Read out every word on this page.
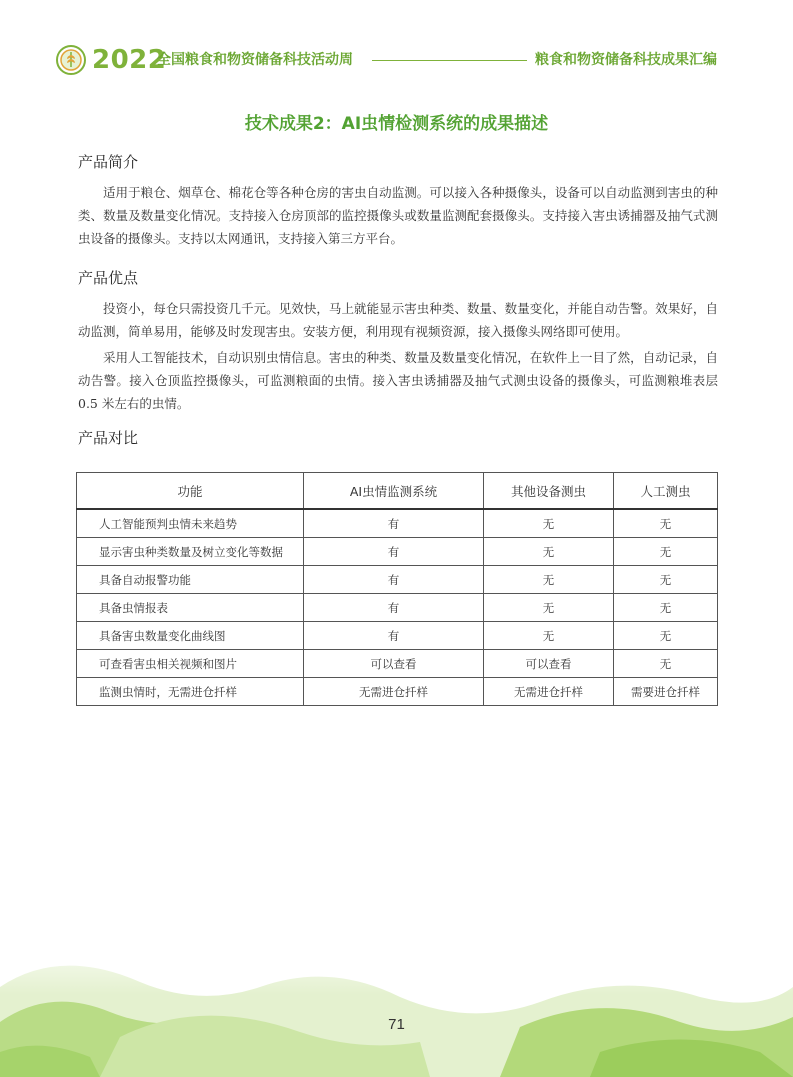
2022
全国粮食和物资储备科技活动周	粮食和物资储备科技成果汇编
技术成果2：AI虫情检测系统的成果描述
产品简介
适用于粮仓、烟草仓、棉花仓等各种仓房的害虫自动监测。可以接入各种摄像头，设备可以自动监测到害虫的种类、数量及数量变化情况。支持接入仓房顶部的监控摄像头或数量监测配套摄像头。支持接入害虫诱捕器及抽气式测虫设备的摄像头。支持以太网通讯，支持接入第三方平台。
产品优点
投资小，每仓只需投资几千元。见效快，马上就能显示害虫种类、数量、数量变化，并能自动告警。效果好，自动监测，简单易用，能够及时发现害虫。安装方便，利用现有视频资源，接入摄像头网络即可使用。
采用人工智能技术，自动识别虫情信息。害虫的种类、数量及数量变化情况，在软件上一目了然，自动记录，自动告警。接入仓顶监控摄像头，可监测粮面的虫情。接入害虫诱捕器及抽气式测虫设备的摄像头，可监测粮堆表层0.5 米左右的虫情。
产品对比
功能	AI虫情监测系统	其他设备测虫	人工测虫
人工智能预判虫情未来趋势	有	无	无
显示害虫种类数量及树立变化等数据	有	无	无
具备自动报警功能	有	无	无
具备虫情报表	有	无	无
具备害虫数量变化曲线图	有	无	无
可查看害虫相关视频和图片	可以查看	可以查看	无
监测虫情时，无需进仓扦样	无需进仓扦样	无需进仓扦样	需要进仓扦样
71
